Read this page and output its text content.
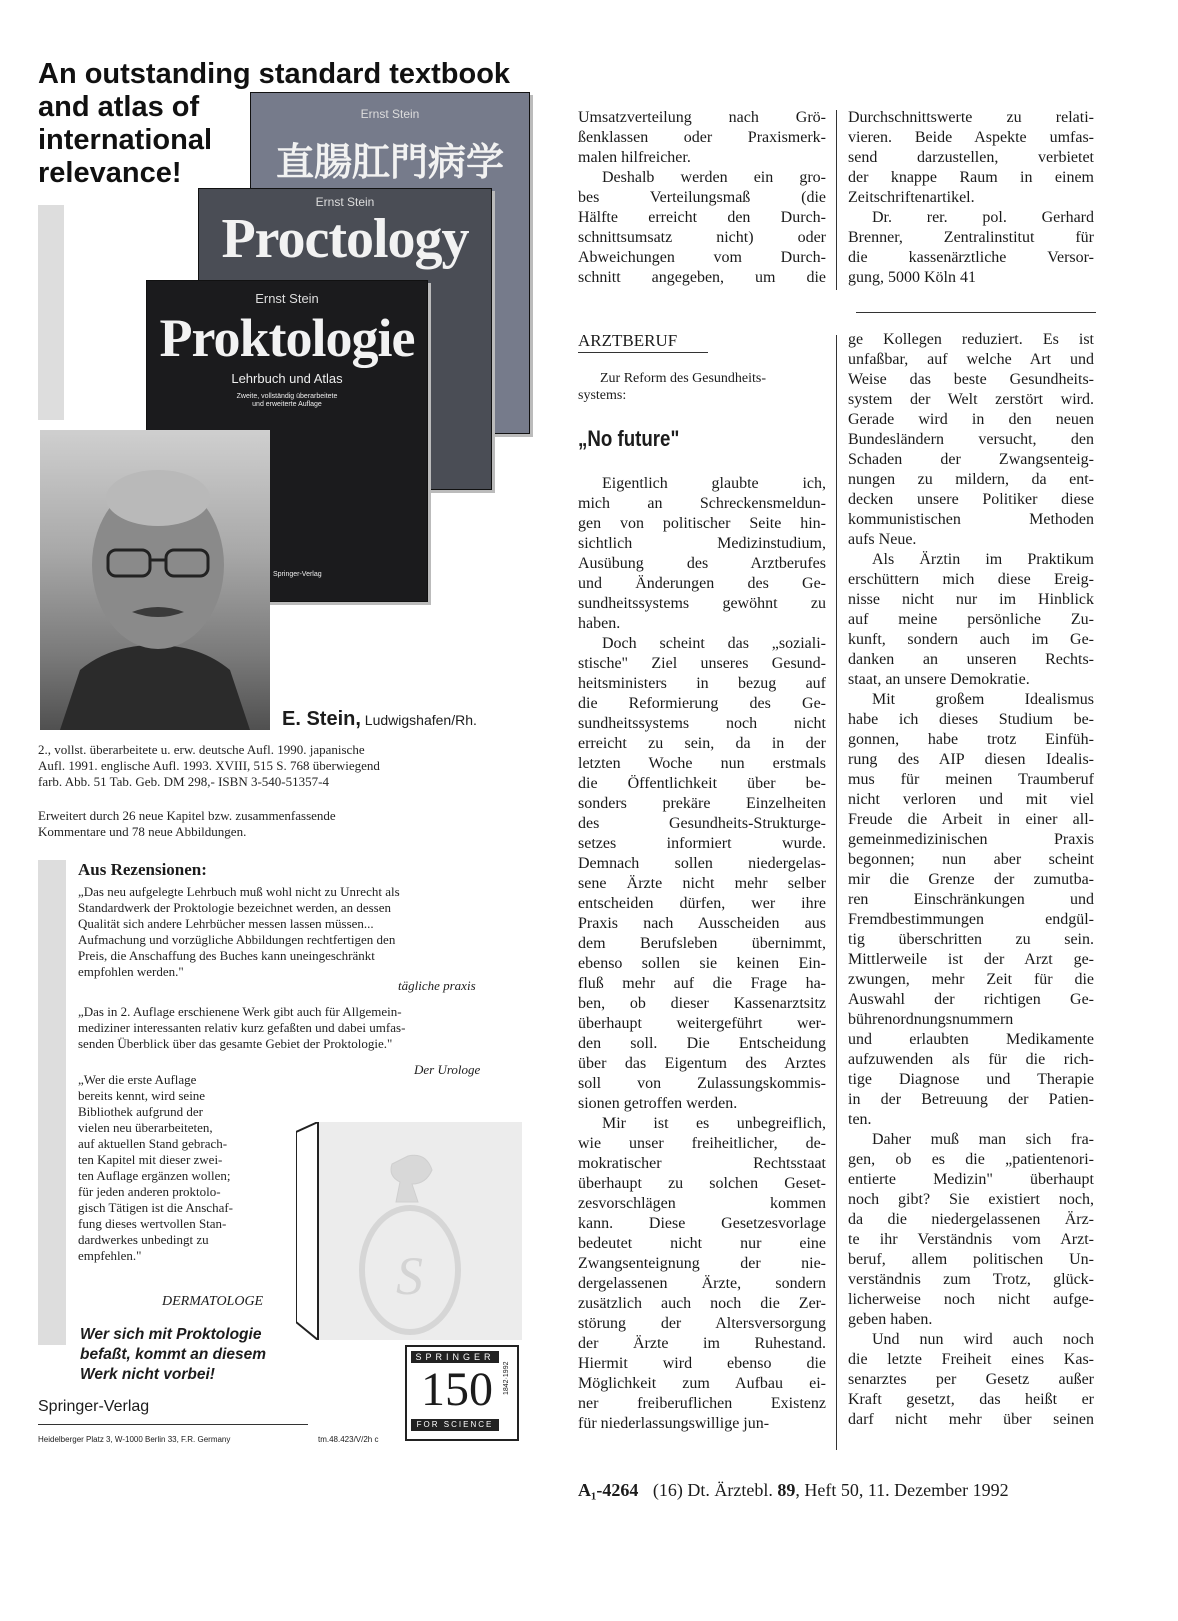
Ernst Stein
直腸肛門病学
Ernst Stein
Proctology
Ernst Stein
Proktologie
Lehrbuch und Atlas
Zweite, vollständig überarbeitete
und erweiterte Auflage
Springer-Verlag
An outstanding standard textbook
and atlas of
international
relevance!
E. Stein, Ludwigshafen/Rh.
2., vollst. überarbeitete u. erw. deutsche Aufl. 1990. japanische
Aufl. 1991. englische Aufl. 1993. XVIII, 515 S. 768 überwiegend
farb. Abb. 51 Tab. Geb. DM 298,- ISBN 3-540-51357-4
Erweitert durch 26 neue Kapitel bzw. zusammenfassende
Kommentare und 78 neue Abbildungen.
Aus Rezensionen:
„Das neu aufgelegte Lehrbuch muß wohl nicht zu Unrecht als
Standardwerk der Proktologie bezeichnet werden, an dessen
Qualität sich andere Lehrbücher messen lassen müssen...
Aufmachung und vorzügliche Abbildungen rechtfertigen den
Preis, die Anschaffung des Buches kann uneingeschränkt
empfohlen werden."
tägliche praxis
„Das in 2. Auflage erschienene Werk gibt auch für Allgemein-
mediziner interessanten relativ kurz gefaßten und dabei umfas-
senden Überblick über das gesamte Gebiet der Proktologie."
Der Urologe
„Wer die erste Auflage
bereits kennt, wird seine
Bibliothek aufgrund der
vielen neu überarbeiteten,
auf aktuellen Stand gebrach-
ten Kapitel mit dieser zwei-
ten Auflage ergänzen wollen;
für jeden anderen proktolo-
gisch Tätigen ist die Anschaf-
fung dieses wertvollen Stan-
dardwerkes unbedingt zu
empfehlen."
DERMATOLOGE S
Wer sich mit Proktologie
befaßt, kommt an diesem
Werk nicht vorbei!
SPRINGER
150
FOR SCIENCE
1842·1992
Springer-Verlag
Heidelberger Platz 3, W-1000 Berlin 33, F.R. Germany	tm.48.423/V/2h c
Umsatzverteilung nach Grö-
ßenklassen oder Praxismerk-
malen hilfreicher.
Deshalb werden ein gro-
bes Verteilungsmaß (die
Hälfte erreicht den Durch-
schnittsumsatz nicht) oder
Abweichungen vom Durch-
schnitt angegeben, um die
Durchschnittswerte zu relati-
vieren. Beide Aspekte umfas-
send darzustellen, verbietet
der knappe Raum in einem
Zeitschriftenartikel.
Dr. rer. pol. Gerhard
Brenner, Zentralinstitut für
die kassenärztliche Versor-
gung, 5000 Köln 41
ARZTBERUF
Zur Reform des Gesundheits-
systems:
„No future"
Eigentlich glaubte ich,
mich an Schreckensmeldun-
gen von politischer Seite hin-
sichtlich Medizinstudium,
Ausübung des Arztberufes
und Änderungen des Ge-
sundheitssystems gewöhnt zu
haben.
Doch scheint das „soziali-
stische" Ziel unseres Gesund-
heitsministers in bezug auf
die Reformierung des Ge-
sundheitssystems noch nicht
erreicht zu sein, da in der
letzten Woche nun erstmals
die Öffentlichkeit über be-
sonders prekäre Einzelheiten
des Gesundheits-Strukturge-
setzes informiert wurde.
Demnach sollen niedergelas-
sene Ärzte nicht mehr selber
entscheiden dürfen, wer ihre
Praxis nach Ausscheiden aus
dem Berufsleben übernimmt,
ebenso sollen sie keinen Ein-
fluß mehr auf die Frage ha-
ben, ob dieser Kassenarztsitz
überhaupt weitergeführt wer-
den soll. Die Entscheidung
über das Eigentum des Arztes
soll von Zulassungskommis-
sionen getroffen werden.
Mir ist es unbegreiflich,
wie unser freiheitlicher, de-
mokratischer Rechtsstaat
überhaupt zu solchen Geset-
zesvorschlägen kommen
kann. Diese Gesetzesvorlage
bedeutet nicht nur eine
Zwangsenteignung der nie-
dergelassenen Ärzte, sondern
zusätzlich auch noch die Zer-
störung der Altersversorgung
der Ärzte im Ruhestand.
Hiermit wird ebenso die
Möglichkeit zum Aufbau ei-
ner freiberuflichen Existenz
für niederlassungswillige jun-
ge Kollegen reduziert. Es ist
unfaßbar, auf welche Art und
Weise das beste Gesundheits-
system der Welt zerstört wird.
Gerade wird in den neuen
Bundesländern versucht, den
Schaden der Zwangsenteig-
nungen zu mildern, da ent-
decken unsere Politiker diese
kommunistischen Methoden
aufs Neue.
Als Ärztin im Praktikum
erschüttern mich diese Ereig-
nisse nicht nur im Hinblick
auf meine persönliche Zu-
kunft, sondern auch im Ge-
danken an unseren Rechts-
staat, an unsere Demokratie.
Mit großem Idealismus
habe ich dieses Studium be-
gonnen, habe trotz Einfüh-
rung des AIP diesen Idealis-
mus für meinen Traumberuf
nicht verloren und mit viel
Freude die Arbeit in einer all-
gemeinmedizinischen Praxis
begonnen; nun aber scheint
mir die Grenze der zumutba-
ren Einschränkungen und
Fremdbestimmungen endgül-
tig überschritten zu sein.
Mittlerweile ist der Arzt ge-
zwungen, mehr Zeit für die
Auswahl der richtigen Ge-
bührenordnungsnummern
und erlaubten Medikamente
aufzuwenden als für die rich-
tige Diagnose und Therapie
in der Betreuung der Patien-
ten.
Daher muß man sich fra-
gen, ob es die „patientenori-
entierte Medizin" überhaupt
noch gibt? Sie existiert noch,
da die niedergelassenen Ärz-
te ihr Verständnis vom Arzt-
beruf, allem politischen Un-
verständnis zum Trotz, glück-
licherweise noch nicht aufge-
geben haben.
Und nun wird auch noch
die letzte Freiheit eines Kas-
senarztes per Gesetz außer
Kraft gesetzt, das heißt er
darf nicht mehr über seinen
A₁-4264 (16) Dt. Ärztebl. 89, Heft 50, 11. Dezember 1992
